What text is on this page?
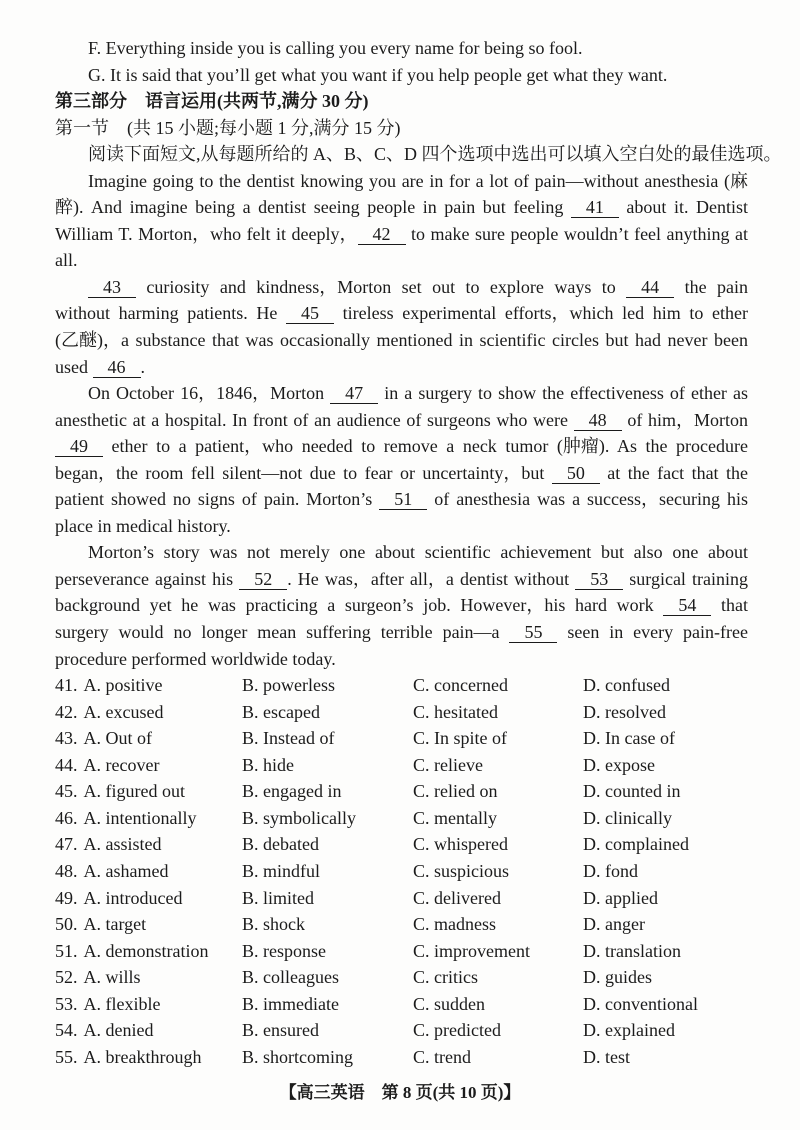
F. Everything inside you is calling you every name for being so fool.
G. It is said that you’ll get what you want if you help people get what they want.
第三部分　语言运用(共两节,满分 30 分)
第一节　(共 15 小题;每小题 1 分,满分 15 分)
阅读下面短文,从每题所给的 A、B、C、D 四个选项中选出可以填入空白处的最佳选项。
Imagine going to the dentist knowing you are in for a lot of pain—without anesthesia (麻
醉). And imagine being a dentist seeing people in pain but feeling 41 about it. Dentist
William T. Morton，who felt it deeply， 42 to make sure people wouldn’t feel anything at
all.
43 curiosity and kindness，Morton set out to explore ways to 44 the pain
without harming patients. He 45 tireless experimental efforts，which led him to ether
(乙醚)，a substance that was occasionally mentioned in scientific circles but had never been
used 46 .
On October 16，1846，Morton 47 in a surgery to show the effectiveness of ether as
anesthetic at a hospital. In front of an audience of surgeons who were 48 of him，Morton
49 ether to a patient，who needed to remove a neck tumor (肿瘤). As the procedure
began，the room fell silent—not due to fear or uncertainty，but 50 at the fact that the
patient showed no signs of pain. Morton’s 51 of anesthesia was a success，securing his
place in medical history.
Morton’s story was not merely one about scientific achievement but also one about
perseverance against his 52 . He was，after all，a dentist without 53 surgical training
background yet he was practicing a surgeon’s job. However，his hard work 54 that
surgery would no longer mean suffering terrible pain—a 55 seen in every pain-free
procedure performed worldwide today.
41. A. positive	B. powerless	C. concerned	D. confused
42. A. excused	B. escaped	C. hesitated	D. resolved
43. A. Out of	B. Instead of	C. In spite of	D. In case of
44. A. recover	B. hide	C. relieve	D. expose
45. A. figured out	B. engaged in	C. relied on	D. counted in
46. A. intentionally	B. symbolically	C. mentally	D. clinically
47. A. assisted	B. debated	C. whispered	D. complained
48. A. ashamed	B. mindful	C. suspicious	D. fond
49. A. introduced	B. limited	C. delivered	D. applied
50. A. target	B. shock	C. madness	D. anger
51. A. demonstration	B. response	C. improvement	D. translation
52. A. wills	B. colleagues	C. critics	D. guides
53. A. flexible	B. immediate	C. sudden	D. conventional
54. A. denied	B. ensured	C. predicted	D. explained
55. A. breakthrough	B. shortcoming	C. trend	D. test
【高三英语　第 8 页(共 10 页)】
